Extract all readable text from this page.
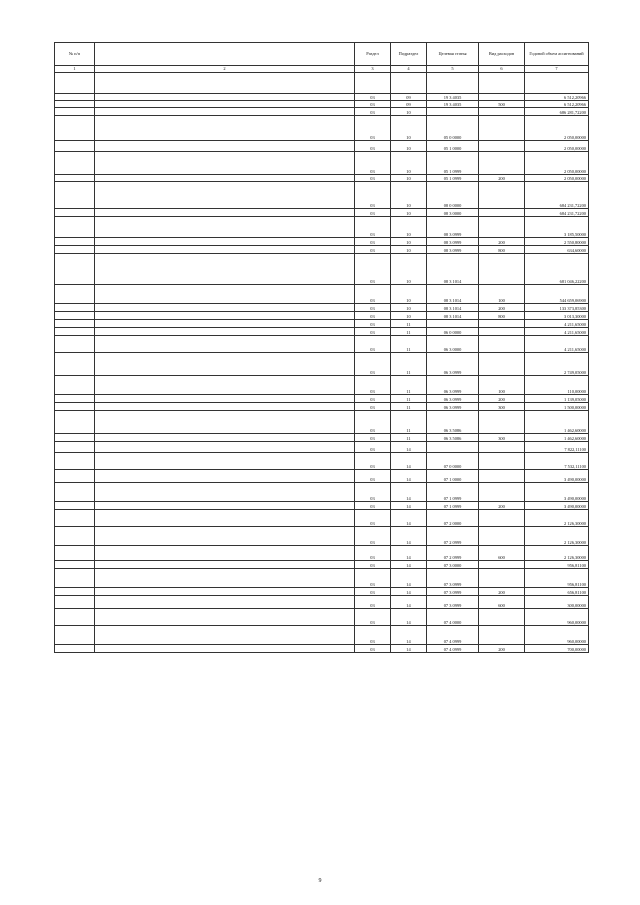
№ п/п		Раздел	Подраздел	Целевая статья	Вид расходов	Годовой объем ассигнований
1	2	3	4	5	6	7

		03	09	19 3 4035		6 512,20966
		03	09	19 3 4035	500	6 512,20966
		03	10			686 281,72200
		03	10	05 0 0000		2 050,00000
		03	10	05 1 0000		2 050,00000
		03	10	05 1 0999		2 050,00000
		03	10	05 1 0999	200	2 050,00000
		03	10	08 0 0000		684 231,72200
		03	10	08 3 0000		684 231,72200
		03	10	08 3 0999		3 185,50000
		03	10	08 3 0999	200	2 550,80000
		03	10	08 3 0999	800	634,60000
		03	10	08 3 1014		681 046,22200
		03	10	08 3 1014	100	544 659,06900
		03	10	08 3 1014	200	133 373,85300
		03	10	08 3 1014	800	3 013,30000
		03	11			4 211,65000
		03	11	06 0 0000		4 211,65000
		03	11	06 3 0000		4 211,65000
		03	11	06 3 0999		2 749,05000
		03	11	06 3 0999	100	110,00000
		03	11	06 3 0999	200	1 139,05000
		03	11	06 3 0999	300	1 500,00000
		03	11	06 3 5086		1 462,60000
		03	11	06 3 5086	300	1 462,60000
		03	14			7 822,11100
		03	14	07 0 0000		7 532,11100
		03	14	07 1 0000		3 490,00000
		03	14	07 1 0999		3 490,00000
		03	14	07 1 0999	200	3 490,00000
		03	14	07 2 0000		2 126,30000
		03	14	07 2 0999		2 126,30000
		03	14	07 2 0999	600	2 126,30000
		03	14	07 3 0000		956,81100
		03	14	07 3 0999		956,81100
		03	14	07 3 0999	200	656,81100
		03	14	07 3 0999	600	300,00000
		03	14	07 4 0000		960,00000
		03	14	07 4 0999		960,00000
		03	14	07 4 0999	200	700,00000
9
